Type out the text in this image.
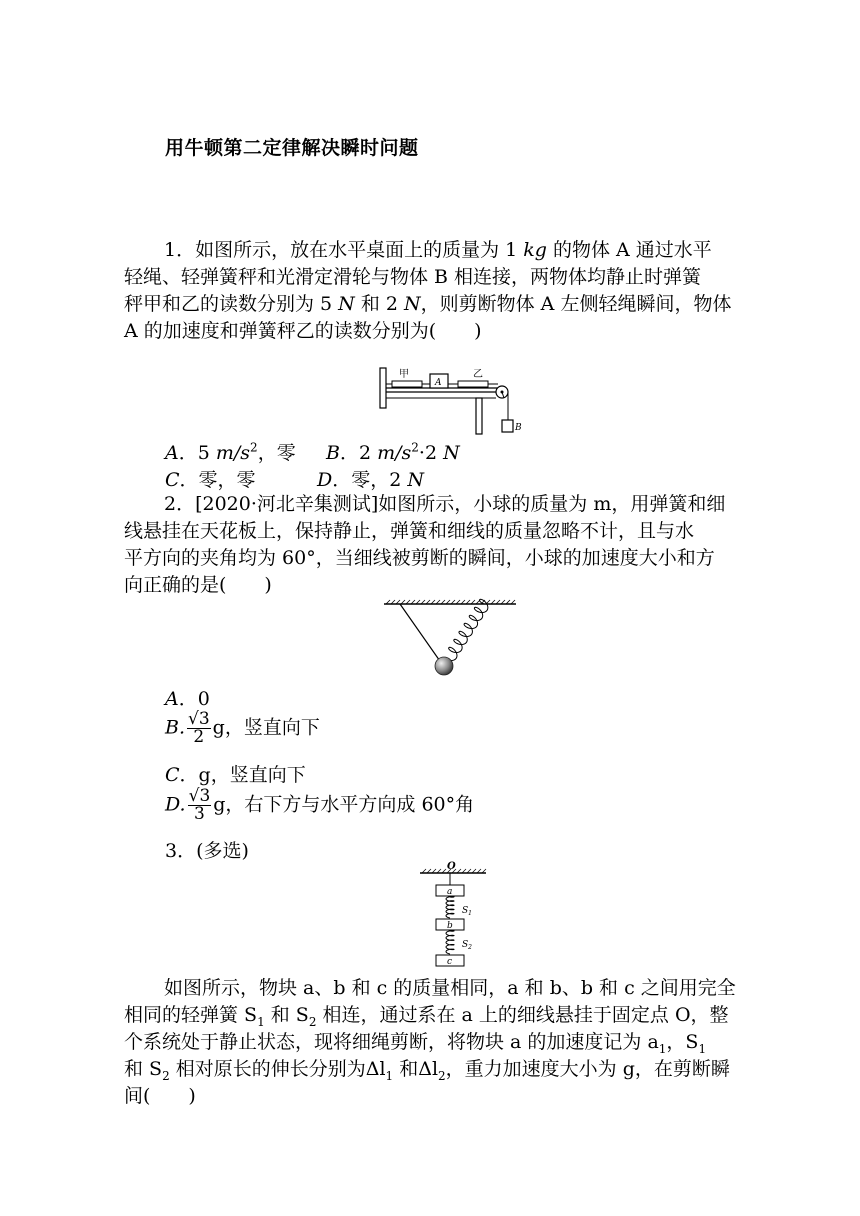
用牛顿第二定律解决瞬时问题
1．如图所示，放在水平桌面上的质量为 1 kg 的物体 A 通过水平
轻绳、轻弹簧秤和光滑定滑轮与物体 B 相连接，两物体均静止时弹簧
秤甲和乙的读数分别为 5 N 和 2 N，则剪断物体 A 左侧轻绳瞬间，物体
A 的加速度和弹簧秤乙的读数分别为(　　)
甲	乙
A
B
A．5 $m/s^2$，零 B．2 $m/s^2\cdot 2$ N
C．零，零	D．零，2 N
2．[2020·河北辛集测试]如图所示，小球的质量为 m，用弹簧和细
线悬挂在天花板上，保持静止，弹簧和细线的质量忽略不计，且与水
平方向的夹角均为 60°，当细线被剪断的瞬间，小球的加速度大小和方
向正确的是(　　)
A．0
B. $\frac{√3}{2}$ g，竖直向下
C．g，竖直向下
D. $\frac{√3}{3}$ g，右下方与水平方向成 60°角
3．(多选)
O
a
b
c
$S_1$
$S_2$
如图所示，物块 a、b 和 c 的质量相同，a 和 b、b 和 c 之间用完全
相同的轻弹簧 $S_1$ 和 $S_2$ 相连，通过系在 a 上的细线悬挂于固定点 O，整
个系统处于静止状态，现将细绳剪断，将物块 a 的加速度记为 $a_1$，$S_1$
和 $S_2$ 相对原长的伸长分别为$\Delta l_1$ 和$\Delta l_2$，重力加速度大小为 g，在剪断瞬
间(　　)
